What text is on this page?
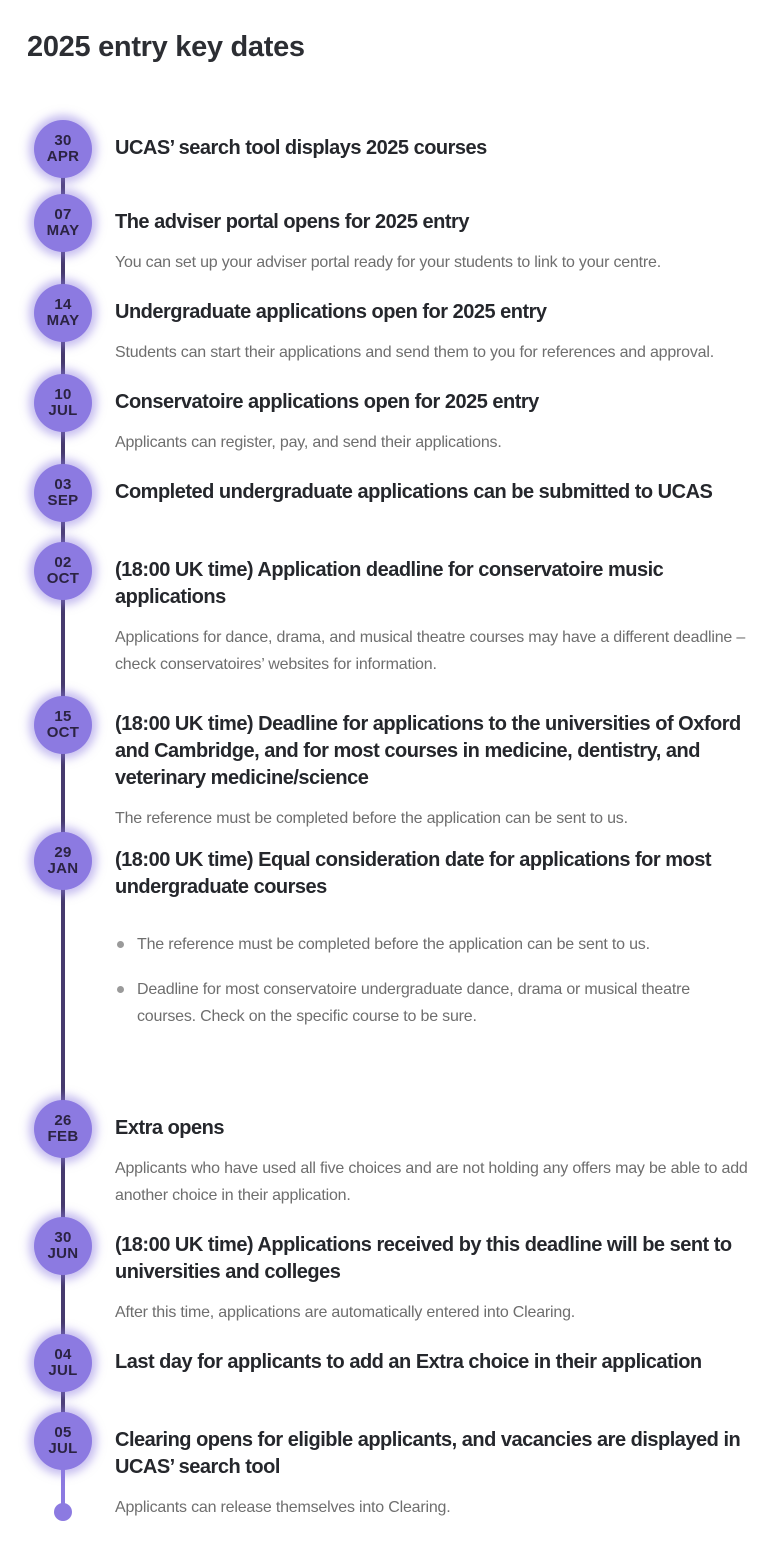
2025 entry key dates
30
APR UCAS’ search tool displays 2025 courses
07
MAY The adviser portal opens for 2025 entry

You can set up your adviser portal ready for your students to link to your centre.

14
MAY Undergraduate applications open for 2025 entry

Students can start their applications and send them to you for references and approval.

10
JUL Conservatoire applications open for 2025 entry

Applicants can register, pay, and send their applications.

03
SEP Completed undergraduate applications can be submitted to UCAS
02
OCT (18:00 UK time) Application deadline for conservatoire music applications

Applications for dance, drama, and musical theatre courses may have a different deadline – check conservatoires’ websites for information.

15
OCT (18:00 UK time) Deadline for applications to the universities of Oxford and Cambridge, and for most courses in medicine, dentistry, and veterinary medicine/science

The reference must be completed before the application can be sent to us.

29
JAN (18:00 UK time) Equal consideration date for applications for most undergraduate courses
The reference must be completed before the application can be sent to us.
Deadline for most conservatoire undergraduate dance, drama or musical theatre courses. Check on the specific course to be sure.
26
FEB Extra opens

Applicants who have used all five choices and are not holding any offers may be able to add another choice in their application.

30
JUN (18:00 UK time) Applications received by this deadline will be sent to universities and colleges

After this time, applications are automatically entered into Clearing.

04
JUL Last day for applicants to add an Extra choice in their application
05
JUL Clearing opens for eligible applicants, and vacancies are displayed in UCAS’ search tool

Applicants can release themselves into Clearing.
